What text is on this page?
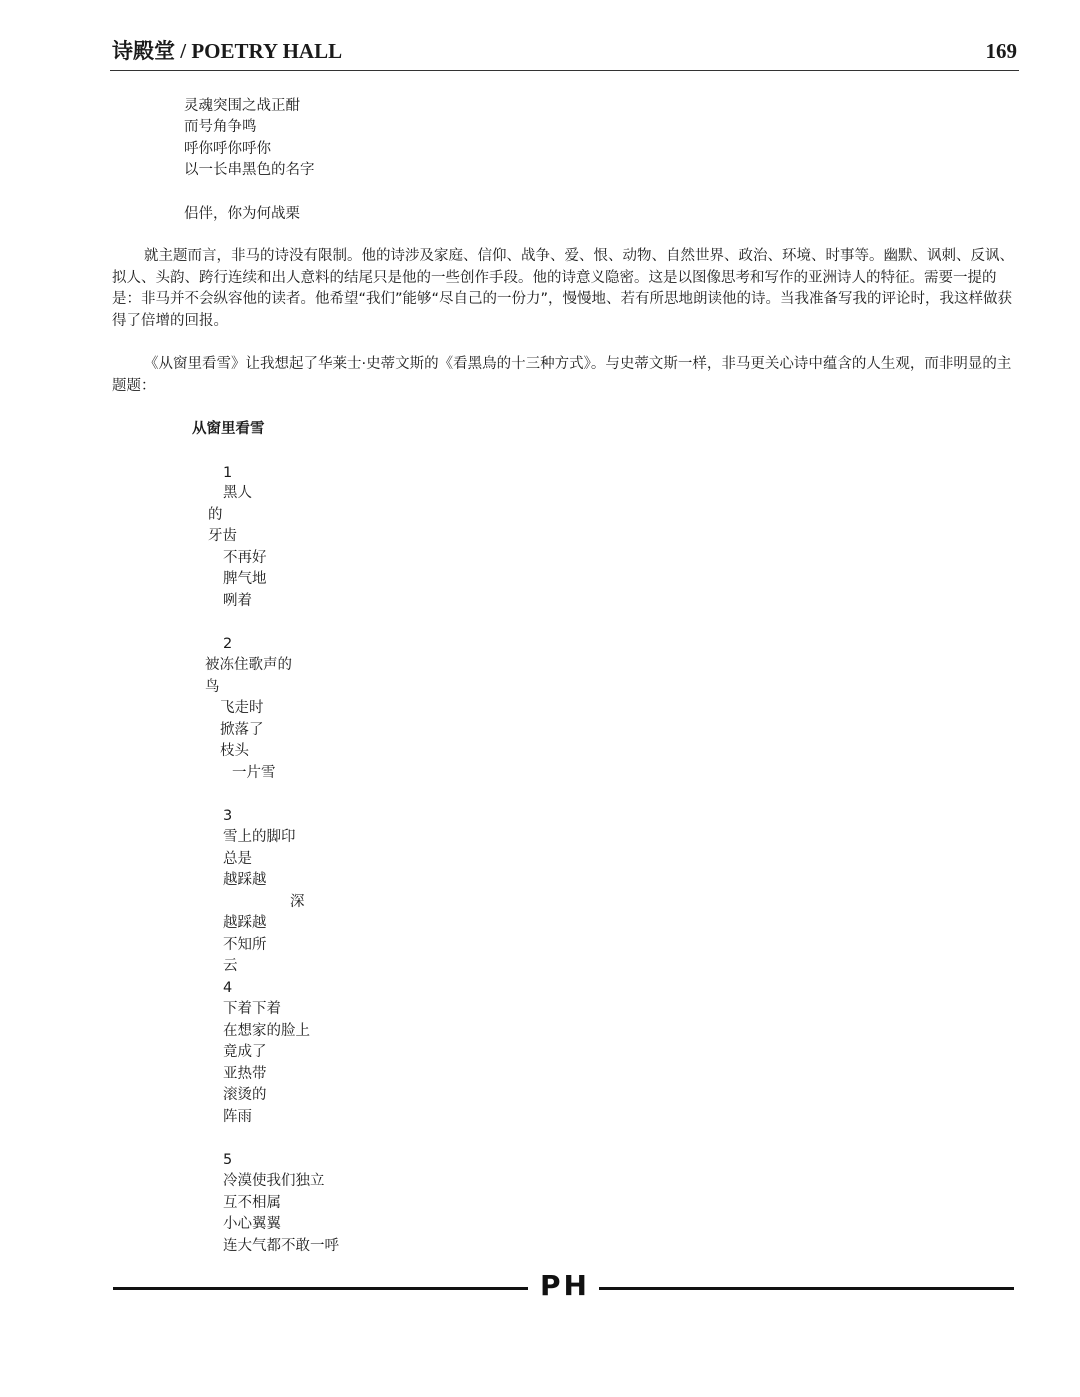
诗殿堂 / POETRY HALL	169
灵魂突围之战正酣
而号角争鸣
呼你呼你呼你
以一长串黑色的名字
侣伴，你为何战栗

就主题而言，非马的诗没有限制。他的诗涉及家庭、信仰、战争、爱、恨、动物、自然世界、政治、环境、时事等。幽默、讽刺、反讽、拟人、头韵、跨行连续和出人意料的结尾只是他的一些创作手段。他的诗意义隐密。这是以图像思考和写作的亚洲诗人的特征。需要一提的是：非马并不会纵容他的读者。他希望“我们”能够“尽自己的一份力”，慢慢地、若有所思地朗读他的诗。当我准备写我的评论时，我这样做获得了倍增的回报。

《从窗里看雪》让我想起了华莱士·史蒂文斯的《看黑鳥的十三种方式》。与史蒂文斯一样，非马更关心诗中蕴含的人生观，而非明显的主题题：

从窗里看雪
1
黑人
的
牙齿
不再好
脾气地
咧着
2
被冻住歌声的
鸟
飞走时
掀落了
枝头
一片雪
3
雪上的脚印
总是
越踩越
深
越踩越
不知所
云
4
下着下着
在想家的脸上
竟成了
亚热带
滚烫的
阵雨
5
冷漠使我们独立
互不相属
小心翼翼
连大气都不敢一呼
PH
